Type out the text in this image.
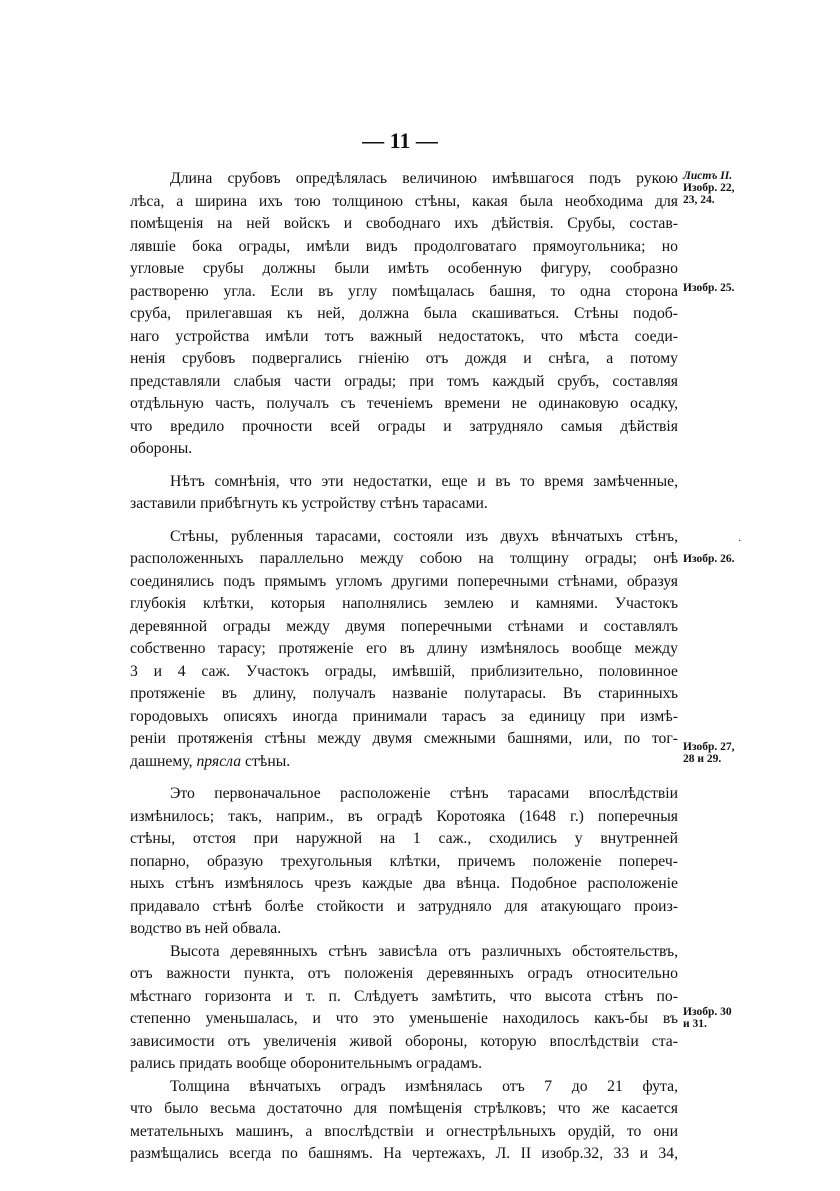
— 11 —
Длина срубовъ опредѣлялась величиною имѣвшагося подъ рукою
лѣса, а ширина ихъ тою толщиною стѣны, какая была необходима для
помѣщенія на ней войскъ и свободнаго ихъ дѣйствія. Срубы, состав-
лявшіе бока ограды, имѣли видъ продолговатаго прямоугольника; но
угловые срубы должны были имѣть особенную фигуру, сообразно
раствореню угла. Если въ углу помѣщалась башня, то одна сторона
сруба, прилегавшая къ ней, должна была скашиваться. Стѣны подоб-
наго устройства имѣли тотъ важный недостатокъ, что мѣста соеди-
ненія срубовъ подвергались гніенію отъ дождя и снѣга, а потому
представляли слабыя части ограды; при томъ каждый срубъ, составляя
отдѣльную часть, получалъ съ теченіемъ времени не одинаковую осадку,
что вредило прочности всей ограды и затрудняло самыя дѣйствія
обороны.
Нѣтъ сомнѣнія, что эти недостатки, еще и въ то время замѣченные,
заставили прибѣгнуть къ устройству стѣнъ тарасами.
Стѣны, рубленныя тарасами, состояли изъ двухъ вѣнчатыхъ стѣнъ,
расположенныхъ параллельно между собою на толщину ограды; онѣ
соединялись подъ прямымъ угломъ другими поперечными стѣнами, образуя
глубокія клѣтки, которыя наполнялись землею и камнями. Участокъ
деревянной ограды между двумя поперечными стѣнами и составлялъ
собственно тарасу; протяженіе его въ длину измѣнялось вообще между
3 и 4 саж. Участокъ ограды, имѣвшій, приблизительно, половинное
протяженіе въ длину, получалъ названіе полутарасы. Въ старинныхъ
городовыхъ описяхъ иногда принимали тарасъ за единицу при измѣ-
реніи протяженія стѣны между двумя смежными башнями, или, по тог-
дашнему, прясла стѣны.
Это первоначальное расположеніе стѣнъ тарасами впослѣдствіи
измѣнилось; такъ, наприм., въ оградѣ Коротояка (1648 г.) поперечныя
стѣны, отстоя при наружной на 1 саж., сходились у внутренней
попарно, образую трехугольныя клѣтки, причемъ положеніе попереч-
ныхъ стѣнъ измѣнялось чрезъ каждые два вѣнца. Подобное расположеніе
придавало стѣнѣ болѣе стойкости и затрудняло для атакующаго произ-
водство въ ней обвала.
Высота деревянныхъ стѣнъ зависѣла отъ различныхъ обстоятельствъ,
отъ важности пункта, отъ положенія деревянныхъ оградъ относительно
мѣстнаго горизонта и т. п. Слѣдуетъ замѣтить, что высота стѣнъ по-
степенно уменьшалась, и что это уменьшеніе находилось какъ-бы въ
зависимости отъ увеличенія живой обороны, которую впослѣдствіи ста-
рались придать вообще оборонительнымъ оградамъ.
Толщина вѣнчатыхъ оградъ измѣнялась отъ 7 до 21 фута,
что было весьма достаточно для помѣщенія стрѣлковъ; что же касается
метательныхъ машинъ, а впослѣдствіи и огнестрѣльныхъ орудій, то они
размѣщались всегда по башнямъ. На чертежахъ, Л. II изобр.32, 33 и 34,
Листъ II.
Изобр. 22,
23, 24.
Изобр. 25.
·
Изобр. 26.
Изобр. 27,
28 и 29.
Изобр. 30
и 31.
